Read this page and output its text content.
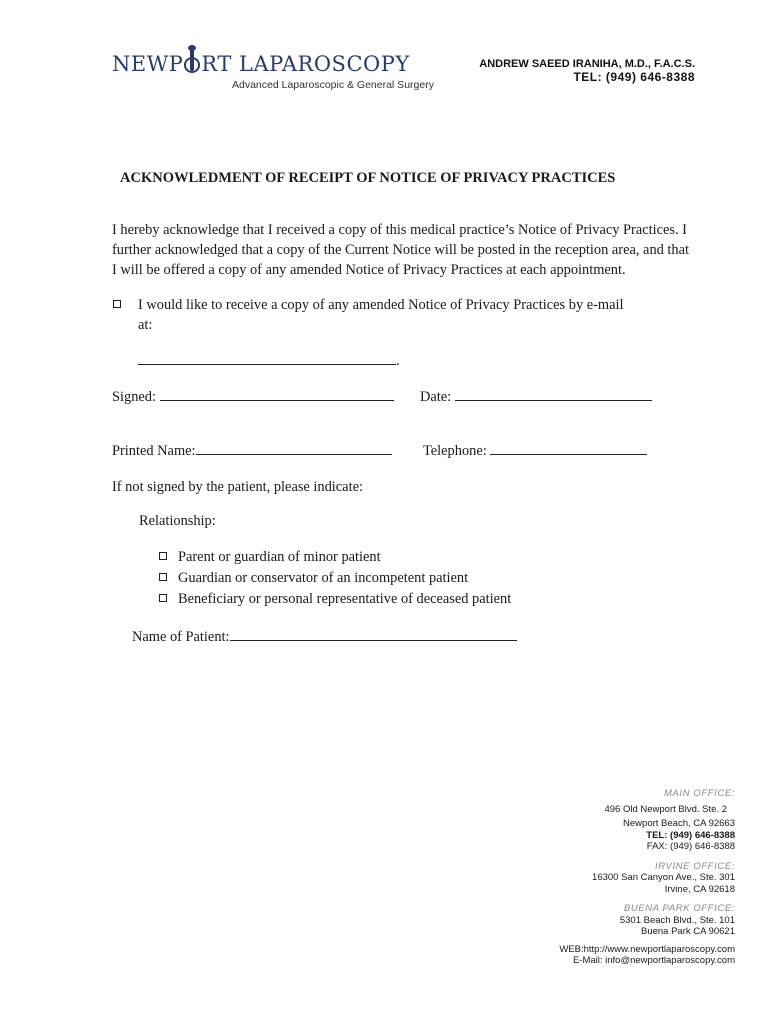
NEWP RT LAPAROSCOPY
Advanced Laparoscopic & General Surgery
ANDREW SAEED IRANIHA, M.D., F.A.C.S.
TEL: (949) 646-8388
ACKNOWLEDMENT OF RECEIPT OF NOTICE OF PRIVACY PRACTICES
I hereby acknowledge that I received a copy of this medical practice’s Notice of Privacy Practices. I
further acknowledged that a copy of the Current Notice will be posted in the reception area, and that
I will be offered a copy of any amended Notice of Privacy Practices at each appointment.
I would like to receive a copy of any amended Notice of Privacy Practices by e-mail
at:
.
Signed:	Date:
Printed Name:	Telephone:
If not signed by the patient, please indicate:
Relationship:
Parent or guardian of minor patient
Guardian or conservator of an incompetent patient
Beneficiary or personal representative of deceased patient
Name of Patient:
MAIN OFFICE:
496 Old Newport Blvd. Ste. 2
Newport Beach, CA 92663
TEL: (949) 646-8388
FAX: (949) 646-8388
IRVINE OFFICE:
16300 San Canyon Ave., Ste. 301
Irvine, CA 92618
BUENA PARK OFFICE:
5301 Beach Blvd., Ste. 101
Buena Park CA 90621
WEB:http://www.newportlaparoscopy.com
E-Mail: info@newportlaparoscopy.com
